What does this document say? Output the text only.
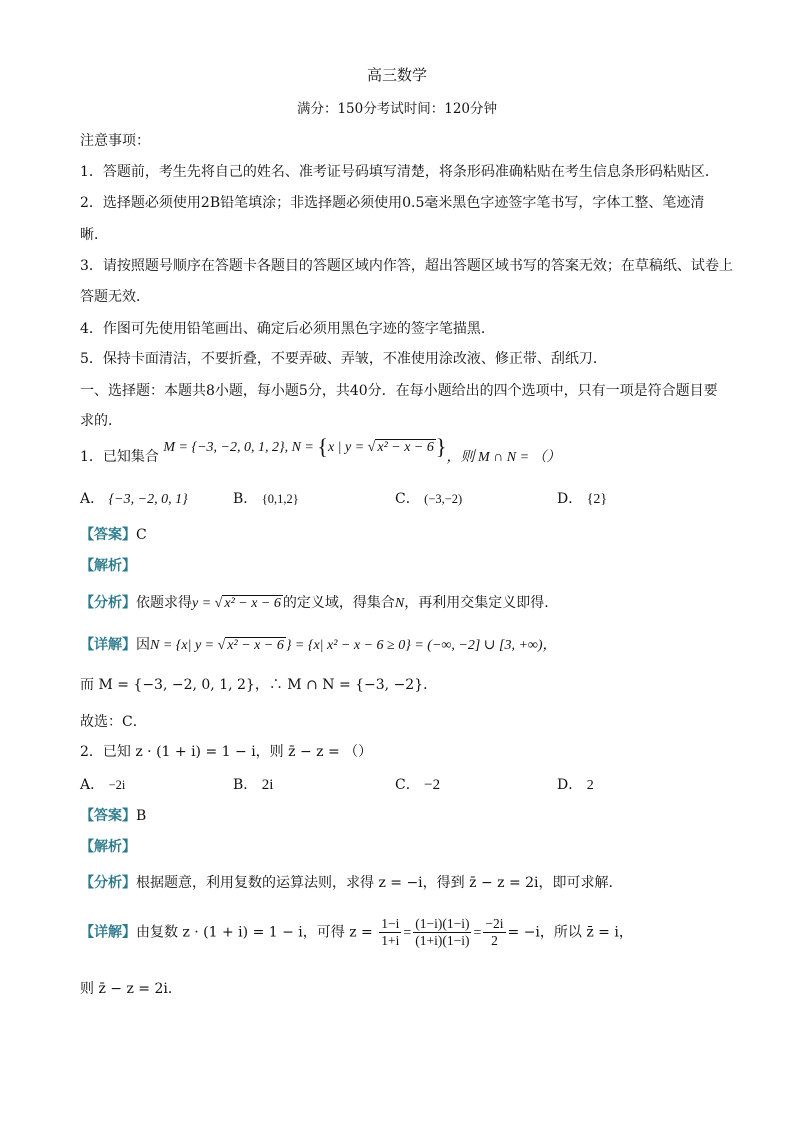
高三数学
满分：150分考试时间：120分钟
注意事项：
1．答题前，考生先将自己的姓名、准考证号码填写清楚，将条形码准确粘贴在考生信息条形码粘贴区．
2．选择题必须使用2B铅笔填涂；非选择题必须使用0.5毫米黑色字迹签字笔书写，字体工整、笔迹清
晰．
3．请按照题号顺序在答题卡各题目的答题区域内作答，超出答题区域书写的答案无效；在草稿纸、试卷上
答题无效．
4．作图可先使用铅笔画出、确定后必须用黑色字迹的签字笔描黑．
5．保持卡面清洁，不要折叠，不要弄破、弄皱，不准使用涂改液、修正带、刮纸刀．
一、选择题：本题共8小题，每小题5分，共40分．在每小题给出的四个选项中，只有一项是符合题目要
求的．
1．已知集合 M = {−3, −2, 0, 1, 2}, N = {x | y = √ x² − x − 6}，则 M ∩ N = （）
A． {−3, −2, 0, 1}	B． {0,1,2}	C． (−3,−2)	D． {2}
【答案】C
【解析】
【分析】依题求得y = √ x² − x − 6 的定义域，得集合N，再利用交集定义即得.
【详解】因N = {x| y = √ x² − x − 6 } = {x| x² − x − 6 ≥ 0} = (−∞, −2] ∪ [3, +∞)，
而 M = {−3, −2, 0, 1, 2}，∴ M ∩ N = {−3, −2}．
故选：C．
2．已知 z · (1 + i) = 1 − i，则 z̄ − z = （）
A． −2i	B． 2i	C． −2	D． 2
【答案】B
【解析】
【分析】根据题意，利用复数的运算法则，求得 z = −i，得到 z̄ − z = 2i，即可求解．
【详解】由复数 z · (1 + i) = 1 − i，可得 $z = \frac{1-i}{1+i} = \frac{(1-i)(1-i)}{(1+i)(1-i)} = \frac{-2i}{2} = -i$，所以 z̄ = i，
则 z̄ − z = 2i．
